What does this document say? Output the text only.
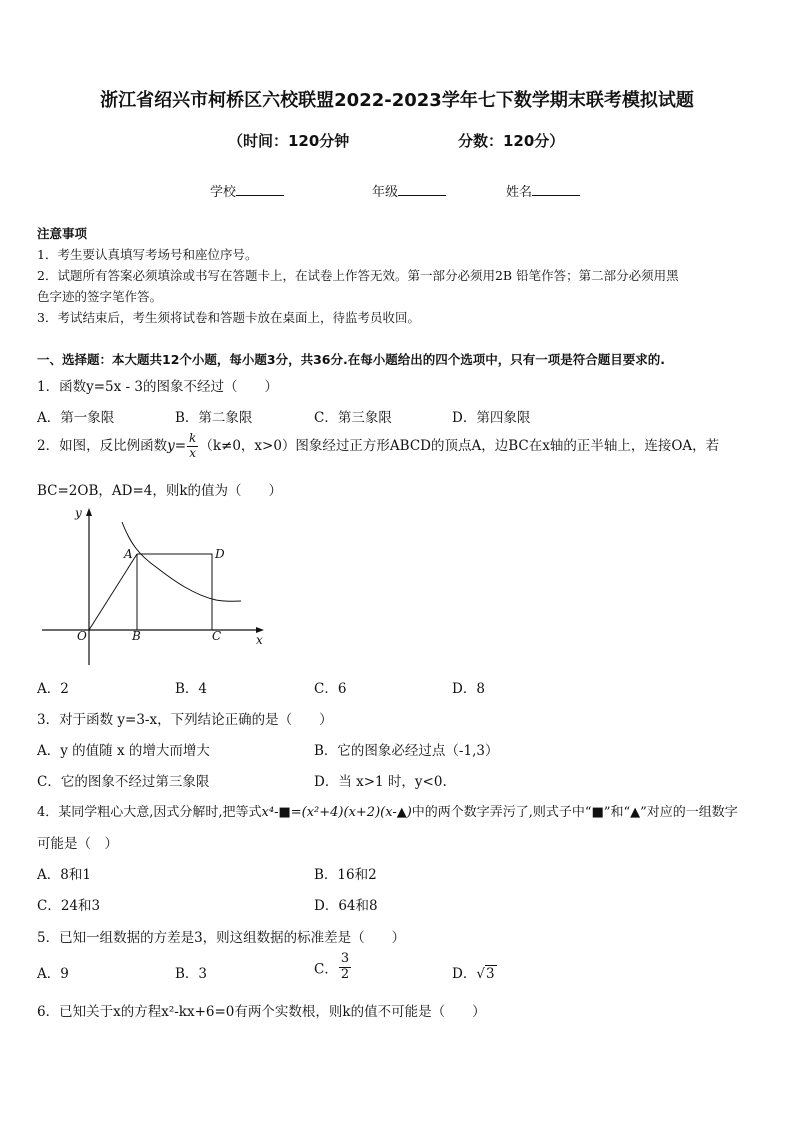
浙江省绍兴市柯桥区六校联盟2022-2023学年七下数学期末联考模拟试题
（时间：120分钟	分数：120分）
学校	年级	姓名
注意事项
1．考生要认真填写考场号和座位序号。
2．试题所有答案必须填涂或书写在答题卡上，在试卷上作答无效。第一部分必须用2B 铅笔作答；第二部分必须用黑
色字迹的签字笔作答。
3．考试结束后，考生须将试卷和答题卡放在桌面上，待监考员收回。
一、选择题：本大题共12个小题，每小题3分，共36分.在每小题给出的四个选项中，只有一项是符合题目要求的.
1．函数y=5x - 3的图象不经过（　　）
A．第一象限	B．第二象限	C．第三象限	D．第四象限
2．如图，反比例函数$y= \frac{k}{x} (k\ne 0$，x>0）图象经过正方形ABCD的顶点A，边BC在x轴的正半轴上，连接OA，若
BC=2OB，AD=4，则k的值为（　　）
y
x
O
A
B	C
D
A．2	B．4	C．6	D．8
3．对于函数 y=3-x，下列结论正确的是（　　）
A．y 的值随 x 的增大而增大	B．它的图象必经过点（-1,3）
C．它的图象不经过第三象限	D．当 x>1 时，y<0.
4．某同学粗心大意,因式分解时,把等式x⁴-■=(x²+4)(x+2)(x-▲)中的两个数字弄污了,则式子中“■”和“▲”对应的一组数字
可能是（　）
A．8和1	B．16和2
C．24和3	D．64和8
5．已知一组数据的方差是3，则这组数据的标准差是（　　）
A．9	B．3	C． $\frac{3}{2}$	D．√3
6．已知关于x的方程x²-kx+6=0有两个实数根，则k的值不可能是（　　）
